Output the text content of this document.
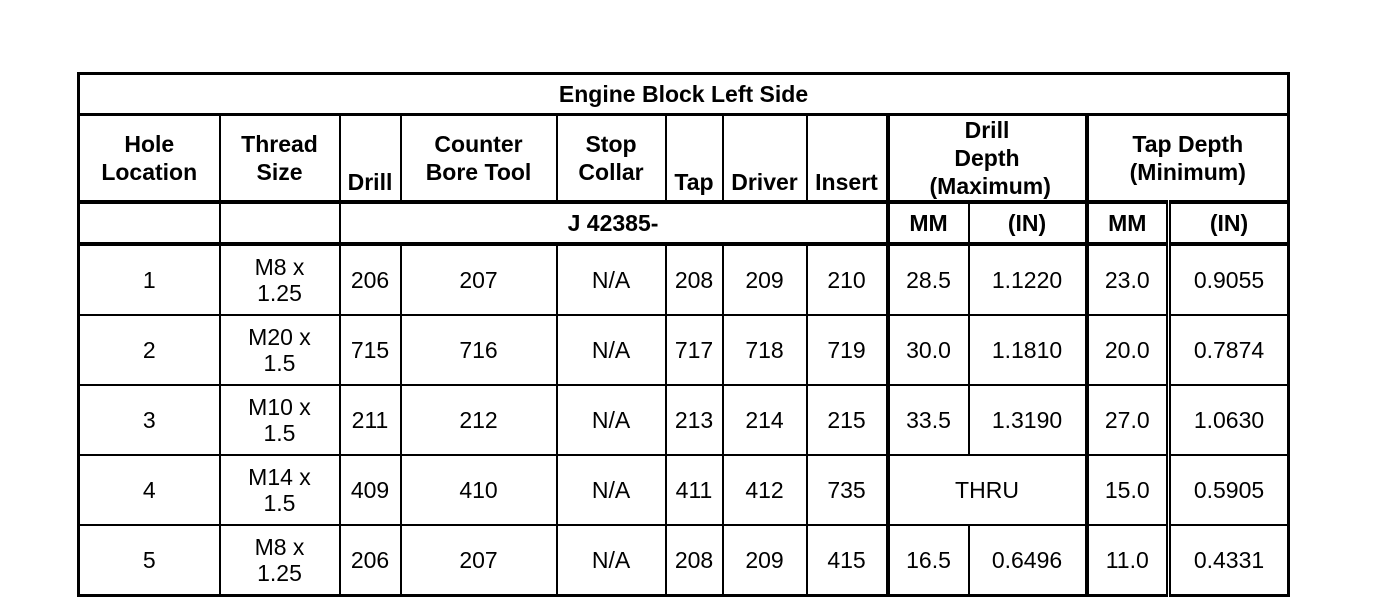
Engine Block Left Side											
Hole Location	Thread Size	Drill	Counter Bore Tool	Stop Collar	Tap	Driver	Insert	Drill Depth (Maximum)		Tap Depth (Minimum)	
		J 42385-						MM	(IN)	MM	(IN)
1	M8 x 1.25	206	207	N/A	208	209	210	28.5	1.1220	23.0	0.9055
2	M20 x 1.5	715	716	N/A	717	718	719	30.0	1.1810	20.0	0.7874
3	M10 x 1.5	211	212	N/A	213	214	215	33.5	1.3190	27.0	1.0630
4	M14 x 1.5	409	410	N/A	411	412	735	THRU		15.0	0.5905
5	M8 x 1.25	206	207	N/A	208	209	415	16.5	0.6496	11.0	0.4331
